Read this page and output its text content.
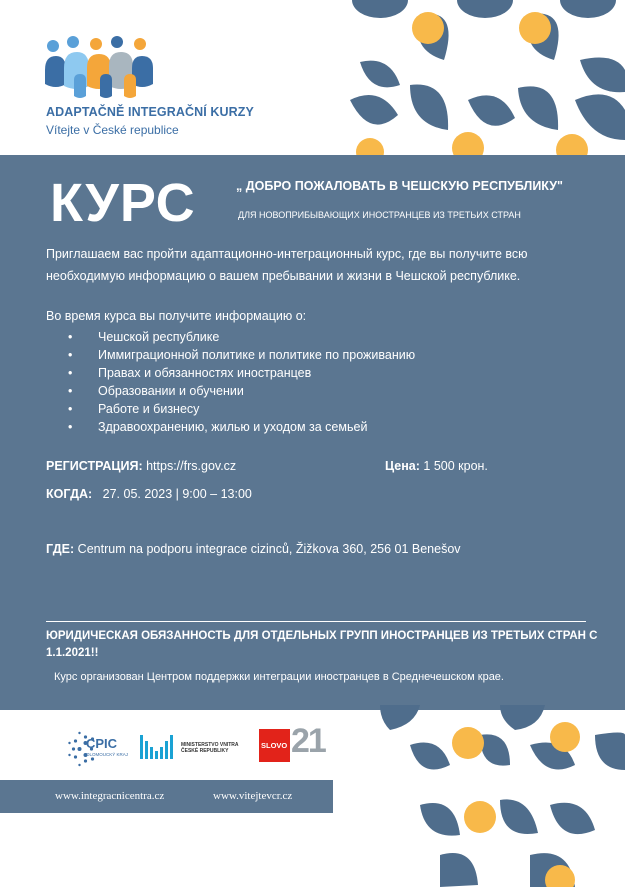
ADAPTAČNĚ INTEGRAČNÍ KURZY
Vítejte v České republice
КУРС	„ ДОБРО ПОЖАЛОВАТЬ В ЧЕШСКУЮ РЕСПУБЛИКУ"
ДЛЯ НОВОПРИБЫВАЮЩИХ ИНОСТРАНЦЕВ ИЗ ТРЕТЬИХ СТРАН
Приглашаем вас пройти адаптационно-интеграционный курс, где вы получите всю необходимую информацию о вашем пребывании и жизни в Чешской республике.
Во время курса вы получите информацию о:
• Чешской республике
• Иммиграционной политике и политике по проживанию
• Правах и обязанностях иностранцев
• Образовании и обучении
• Работе и бизнесу
• Здравоохранению, жилью и уходом за семьей
РЕГИСТРАЦИЯ: https://frs.gov.cz	Цена: 1 500 крон.
КОГДА: 27. 05. 2023 | 9:00 – 13:00
ГДЕ: Centrum na podporu integrace cizinců, Žižkova 360, 256 01 Benešov
ЮРИДИЧЕСКАЯ ОБЯЗАННОСТЬ ДЛЯ ОТДЕЛЬНЫХ ГРУПП ИНОСТРАНЦЕВ ИЗ ТРЕТЬИХ СТРАН С 1.1.2021!!
Курс организован Центром поддержки интеграции иностранцев в Среднечешском крае.
CPIC
OLOMOUCKÝ KRAJ
MINISTERSTVO VNITRA
ČESKÉ REPUBLIKY
SLOVO 21
www.integracnicentra.cz	www.vitejtevcr.cz
